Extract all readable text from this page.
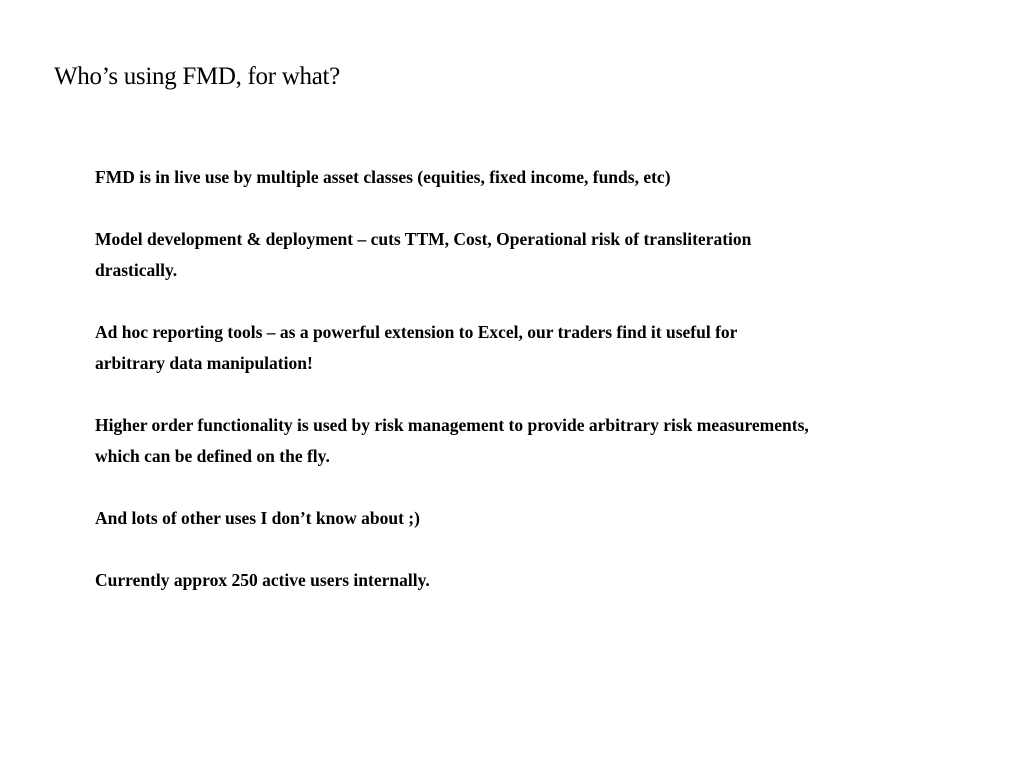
Who’s using FMD, for what?
FMD is in live use by multiple asset classes (equities, fixed income, funds, etc)
Model development & deployment – cuts TTM, Cost, Operational risk of transliteration
drastically.
Ad hoc reporting tools – as a powerful extension to Excel, our traders find it useful for
arbitrary data manipulation!
Higher order functionality is used by risk management to provide arbitrary risk measurements,
which can be defined on the fly.
And lots of other uses I don’t know about ;)
Currently approx 250 active users internally.
